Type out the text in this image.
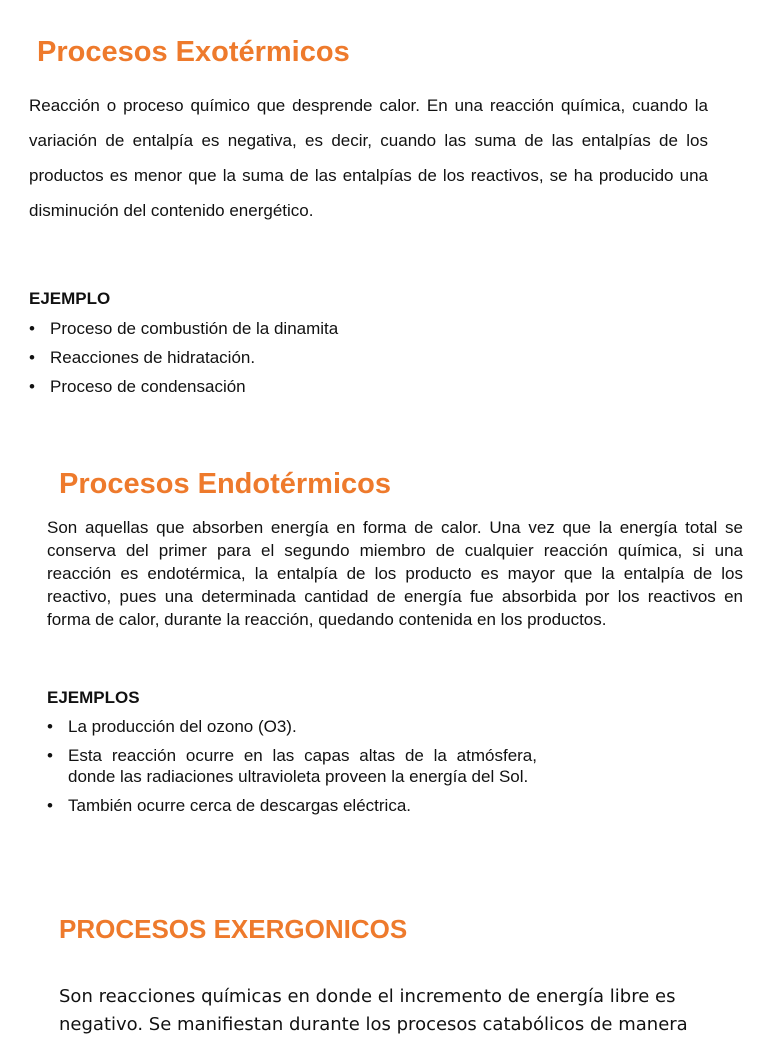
Procesos Exotérmicos

Reacción o proceso químico que desprende calor. En una reacción química, cuando la variación de entalpía es negativa, es decir, cuando las suma de las entalpías de los productos es menor que la suma de las entalpías de los reactivos, se ha producido una disminución del contenido energético.

EJEMPLO
• Proceso de combustión de la dinamita
• Reacciones de hidratación.
• Proceso de condensación
Procesos Endotérmicos

Son aquellas que absorben energía en forma de calor. Una vez que la energía total se conserva del primer para el segundo miembro de cualquier reacción química, si una reacción es endotérmica, la entalpía de los producto es mayor que la entalpía de los reactivo, pues una determinada cantidad de energía fue absorbida por los reactivos en forma de calor, durante la reacción, quedando contenida en los productos.

EJEMPLOS
• La producción del ozono (O3).
• Esta reacción ocurre en las capas altas de la atmósfera, donde las radiaciones ultravioleta proveen la energía del Sol.
• También ocurre cerca de descargas eléctrica.
PROCESOS EXERGONICOS

Son reacciones químicas en donde el incremento de energía libre es negativo. Se manifiestan durante los procesos catabólicos de manera
